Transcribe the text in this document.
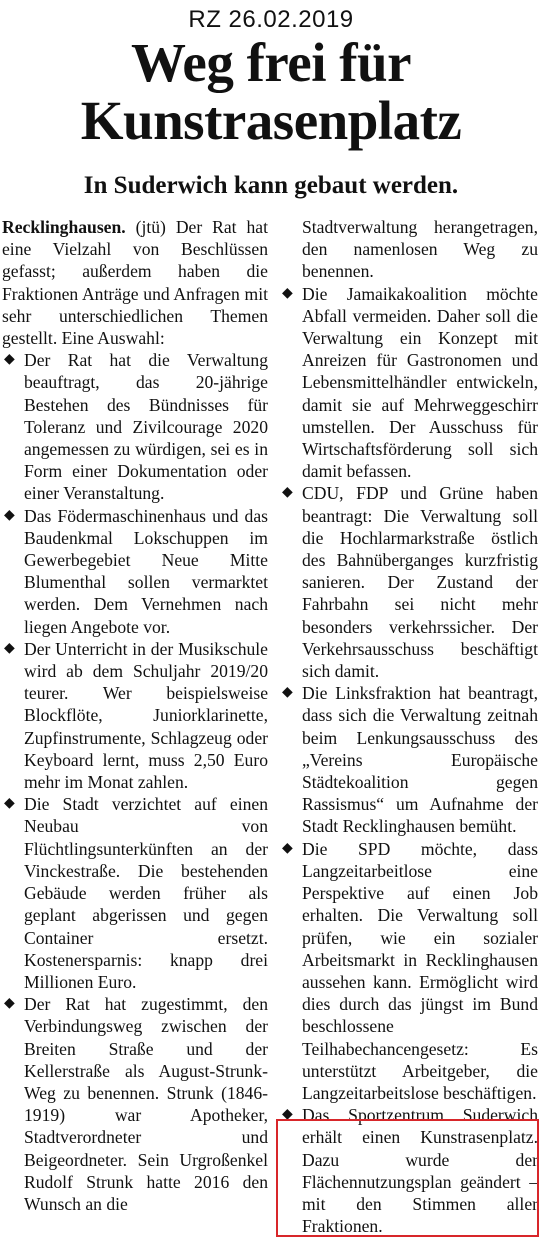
RZ 26.02.2019
Weg frei für
Kunstrasenplatz
In Suderwich kann gebaut werden.

Recklinghausen. (jtü) Der Rat hat eine Vielzahl von Beschlüssen gefasst; außerdem haben die Fraktionen Anträge und Anfragen mit sehr unterschiedlichen Themen gestellt. Eine Auswahl:

◆ Der Rat hat die Verwaltung beauftragt, das 20-jährige Bestehen des Bündnisses für Toleranz und Zivilcourage 2020 angemessen zu würdigen, sei es in Form einer Dokumentation oder einer Veranstaltung.
◆ Das Födermaschinenhaus und das Baudenkmal Lokschuppen im Gewerbegebiet Neue Mitte Blumenthal sollen vermarktet werden. Dem Vernehmen nach liegen Angebote vor.
◆ Der Unterricht in der Musikschule wird ab dem Schuljahr 2019/20 teurer. Wer beispielsweise Blockflöte, Juniorklarinette, Zupfinstrumente, Schlagzeug oder Keyboard lernt, muss 2,50 Euro mehr im Monat zahlen.
◆ Die Stadt verzichtet auf einen Neubau von Flüchtlingsunterkünften an der Vinckestraße. Die bestehenden Gebäude werden früher als geplant abgerissen und gegen Container ersetzt. Kostenersparnis: knapp drei Millionen Euro.
◆ Der Rat hat zugestimmt, den Verbindungsweg zwischen der Breiten Straße und der Kellerstraße als August-Strunk-Weg zu benennen. Strunk (1846-1919) war Apotheker, Stadtverordneter und Beigeordneter. Sein Urgroßenkel Rudolf Strunk hatte 2016 den Wunsch an die
Stadtverwaltung herangetragen, den namenlosen Weg zu benennen.
◆ Die Jamaikakoalition möchte Abfall vermeiden. Daher soll die Verwaltung ein Konzept mit Anreizen für Gastronomen und Lebensmittelhändler entwickeln, damit sie auf Mehrweggeschirr umstellen. Der Ausschuss für Wirtschaftsförderung soll sich damit befassen.
◆ CDU, FDP und Grüne haben beantragt: Die Verwaltung soll die Hochlarmarkstraße östlich des Bahnüberganges kurzfristig sanieren. Der Zustand der Fahrbahn sei nicht mehr besonders verkehrssicher. Der Verkehrsausschuss beschäftigt sich damit.
◆ Die Linksfraktion hat beantragt, dass sich die Verwaltung zeitnah beim Lenkungsausschuss des „Vereins Europäische Städtekoalition gegen Rassismus“ um Aufnahme der Stadt Recklinghausen bemüht.
◆ Die SPD möchte, dass Langzeitarbeitlose eine Perspektive auf einen Job erhalten. Die Verwaltung soll prüfen, wie ein sozialer Arbeitsmarkt in Recklinghausen aussehen kann. Ermöglicht wird dies durch das jüngst im Bund beschlossene Teilhabechancengesetz: Es unterstützt Arbeitgeber, die Langzeitarbeitslose beschäftigen.
◆ Das Sportzentrum Suderwich erhält einen Kunstrasenplatz. Dazu wurde der Flächennutzungsplan geändert – mit den Stimmen aller Fraktionen.
